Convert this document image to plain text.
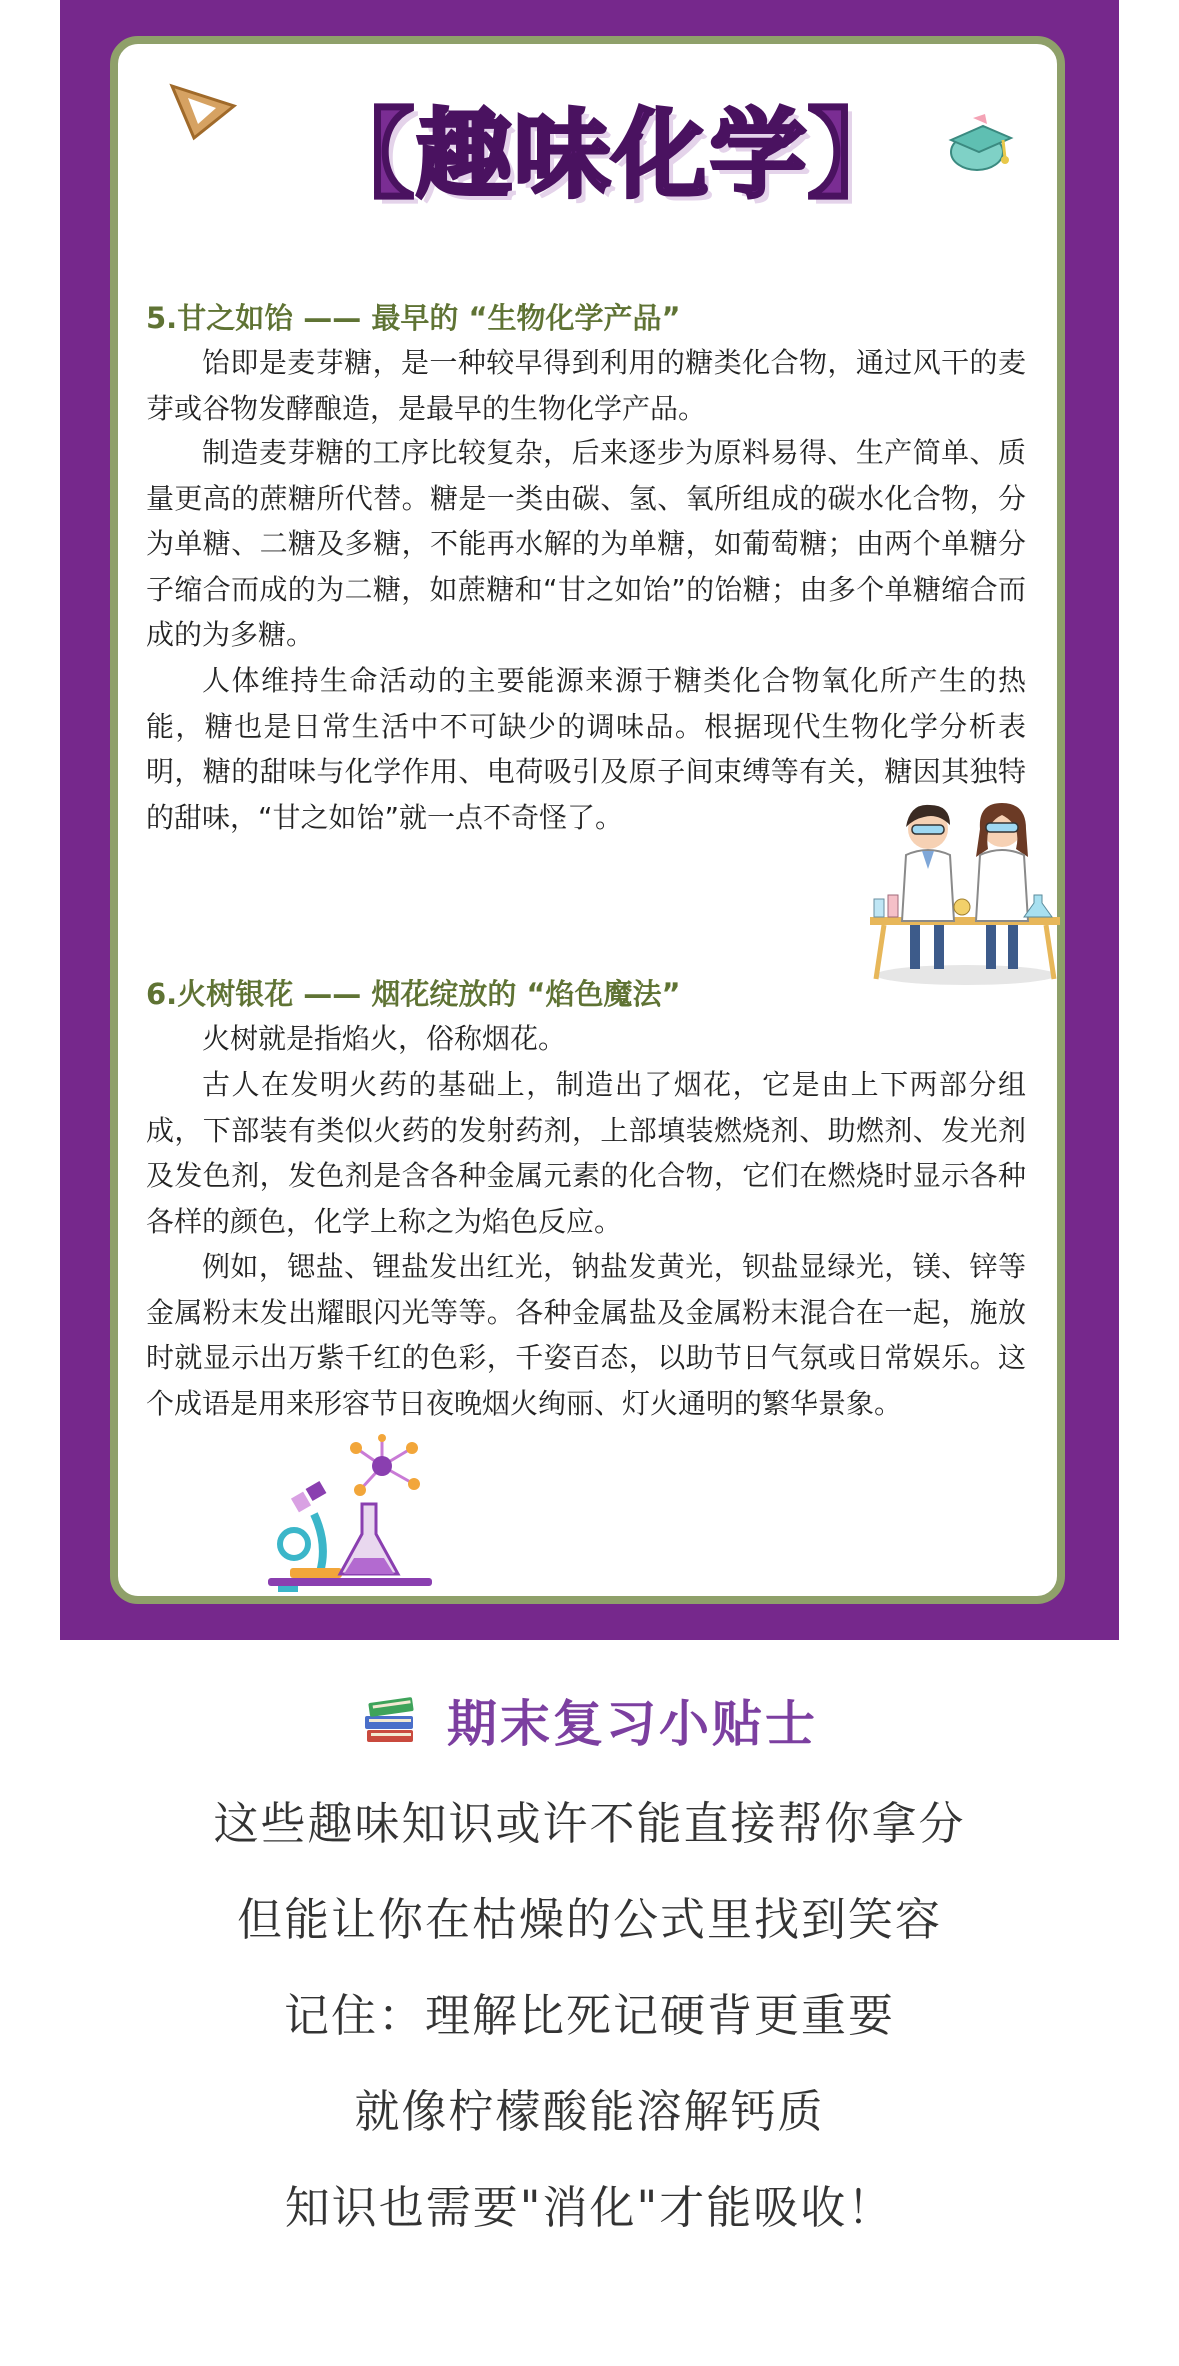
【趣味化学】
5.甘之如饴 —— 最早的 “生物化学产品”

饴即是麦芽糖，是一种较早得到利用的糖类化合物，通过风干的麦芽或谷物发酵酿造，是最早的生物化学产品。

制造麦芽糖的工序比较复杂，后来逐步为原料易得、生产简单、质量更高的蔗糖所代替。糖是一类由碳、氢、氧所组成的碳水化合物，分为单糖、二糖及多糖，不能再水解的为单糖，如葡萄糖；由两个单糖分子缩合而成的为二糖，如蔗糖和“甘之如饴”的饴糖；由多个单糖缩合而成的为多糖。

人体维持生命活动的主要能源来源于糖类化合物氧化所产生的热能，糖也是日常生活中不可缺少的调味品。根据现代生物化学分析表明，糖的甜味与化学作用、电荷吸引及原子间束缚等有关，糖因其独特的甜味，“甘之如饴”就一点不奇怪了。

6.火树银花 —— 烟花绽放的 “焰色魔法”

火树就是指焰火，俗称烟花。

古人在发明火药的基础上，制造出了烟花，它是由上下两部分组成，下部装有类似火药的发射药剂，上部填装燃烧剂、助燃剂、发光剂及发色剂，发色剂是含各种金属元素的化合物，它们在燃烧时显示各种各样的颜色，化学上称之为焰色反应。

例如，锶盐、锂盐发出红光，钠盐发黄光，钡盐显绿光，镁、锌等金属粉末发出耀眼闪光等等。各种金属盐及金属粉末混合在一起，施放时就显示出万紫千红的色彩，千姿百态，以助节日气氛或日常娱乐。这个成语是用来形容节日夜晚烟火绚丽、灯火通明的繁华景象。

期末复习小贴士
这些趣味知识或许不能直接帮你拿分
但能让你在枯燥的公式里找到笑容
记住：理解比死记硬背更重要
就像柠檬酸能溶解钙质
知识也需要"消化"才能吸收！
